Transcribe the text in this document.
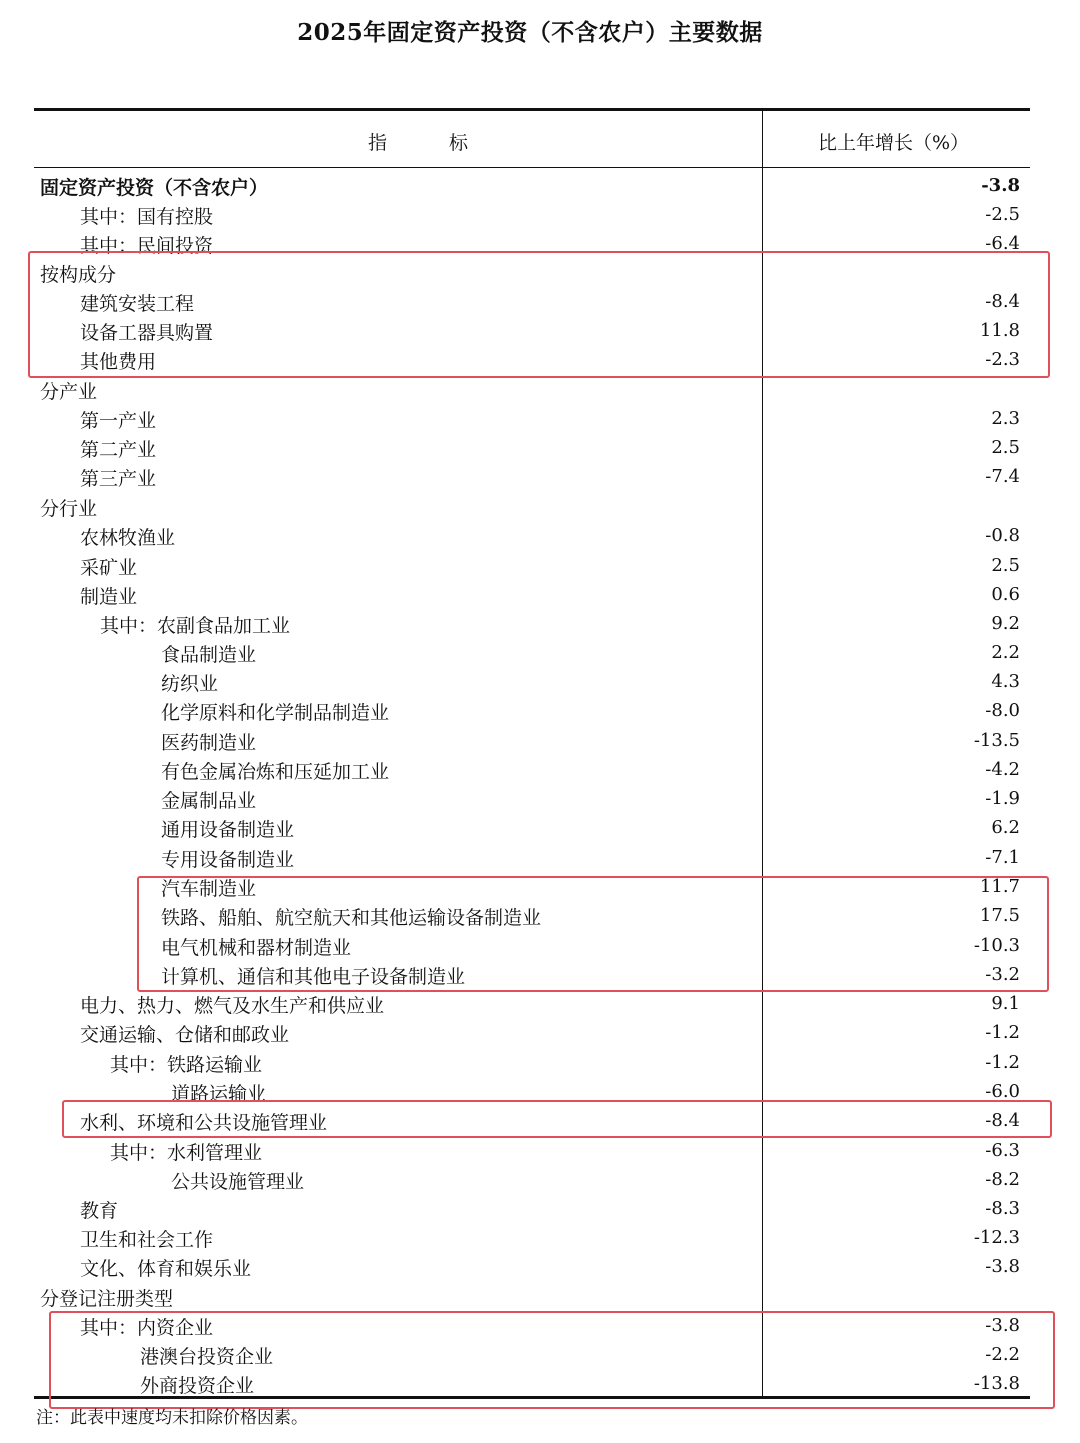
2025年固定资产投资（不含农户）主要数据
指 标	比上年增长（%）
固定资产投资（不含农户）	-3.8
其中：国有控股	-2.5
其中：民间投资	-6.4
按构成分
建筑安装工程	-8.4
设备工器具购置	11.8
其他费用	-2.3
分产业
第一产业	2.3
第二产业	2.5
第三产业	-7.4
分行业
农林牧渔业	-0.8
采矿业	2.5
制造业	0.6
其中：农副食品加工业	9.2
食品制造业	2.2
纺织业	4.3
化学原料和化学制品制造业	-8.0
医药制造业	-13.5
有色金属冶炼和压延加工业	-4.2
金属制品业	-1.9
通用设备制造业	6.2
专用设备制造业	-7.1
汽车制造业	11.7
铁路、船舶、航空航天和其他运输设备制造业	17.5
电气机械和器材制造业	-10.3
计算机、通信和其他电子设备制造业	-3.2
电力、热力、燃气及水生产和供应业	9.1
交通运输、仓储和邮政业	-1.2
其中：铁路运输业	-1.2
道路运输业	-6.0
水利、环境和公共设施管理业	-8.4
其中：水利管理业	-6.3
公共设施管理业	-8.2
教育	-8.3
卫生和社会工作	-12.3
文化、体育和娱乐业	-3.8
分登记注册类型
其中：内资企业	-3.8
港澳台投资企业	-2.2
外商投资企业	-13.8
注：此表中速度均未扣除价格因素。
